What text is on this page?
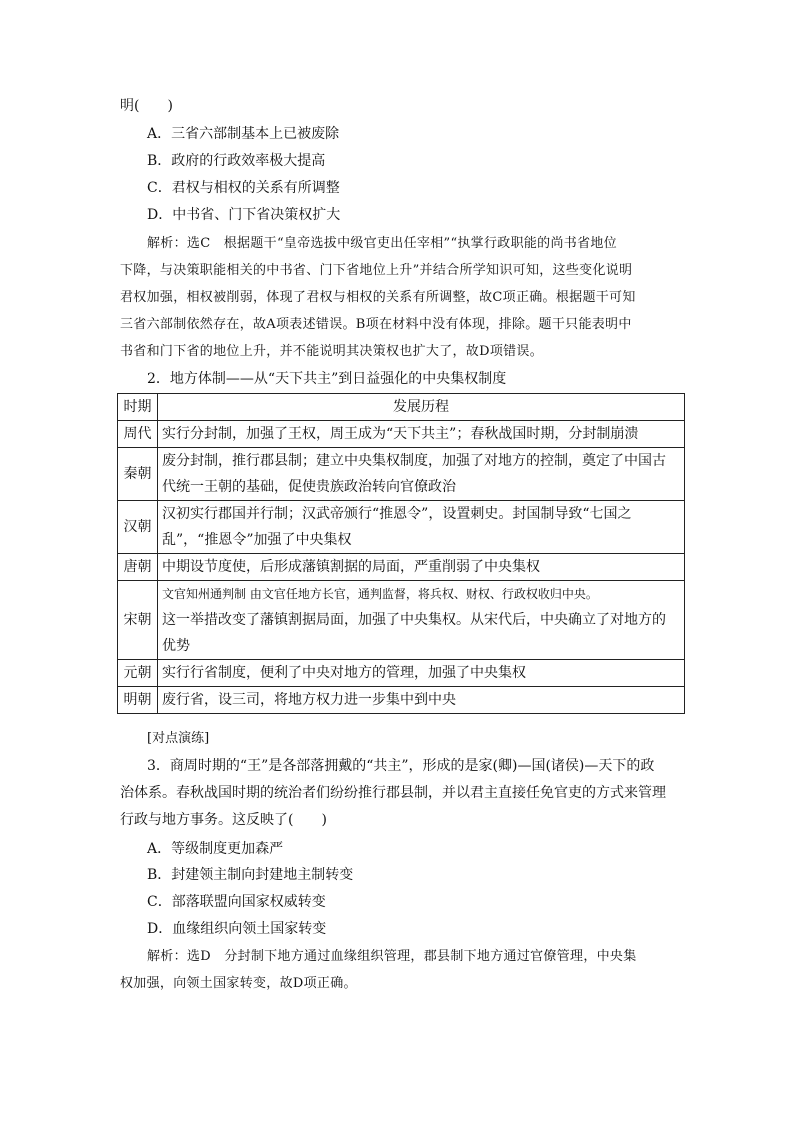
明(　　)
A．三省六部制基本上已被废除
B．政府的行政效率极大提高
C．君权与相权的关系有所调整
D．中书省、门下省决策权扩大
解析：选C　根据题干“皇帝选拔中级官吏出任宰相”“执掌行政职能的尚书省地位
下降，与决策职能相关的中书省、门下省地位上升”并结合所学知识可知，这些变化说明
君权加强，相权被削弱，体现了君权与相权的关系有所调整，故C项正确。根据题干可知
三省六部制依然存在，故A项表述错误。B项在材料中没有体现，排除。题干只能表明中
书省和门下省的地位上升，并不能说明其决策权也扩大了，故D项错误。
2．地方体制——从“天下共主”到日益强化的中央集权制度
时期	发展历程
周代	实行分封制，加强了王权，周王成为“天下共主”；春秋战国时期，分封制崩溃

秦朝	废分封制，推行郡县制；建立中央集权制度，加强了对地方的控制，奠定了中国古
代统一王朝的基础，促使贵族政治转向官僚政治

汉朝	汉初实行郡国并行制；汉武帝颁行“推恩令”，设置刺史。封国制导致“七国之
乱”，“推恩令”加强了中央集权

唐朝	中期设节度使，后形成藩镇割据的局面，严重削弱了中央集权

宋朝	文官知州通判制 由文官任地方长官，通判监督，将兵权、财权、行政权收归中央。
这一举措改变了藩镇割据局面，加强了中央集权。从宋代后，中央确立了对地方的
优势

元朝	实行行省制度，便利了中央对地方的管理，加强了中央集权

明朝	废行省，设三司，将地方权力进一步集中到中央
[对点演练]
3．商周时期的“王”是各部落拥戴的“共主”，形成的是家(卿)—国(诸侯)—天下的政
治体系。春秋战国时期的统治者们纷纷推行郡县制，并以君主直接任免官吏的方式来管理
行政与地方事务。这反映了(　　)
A．等级制度更加森严
B．封建领主制向封建地主制转变
C．部落联盟向国家权威转变
D．血缘组织向领土国家转变
解析：选D　分封制下地方通过血缘组织管理，郡县制下地方通过官僚管理，中央集
权加强，向领土国家转变，故D项正确。
